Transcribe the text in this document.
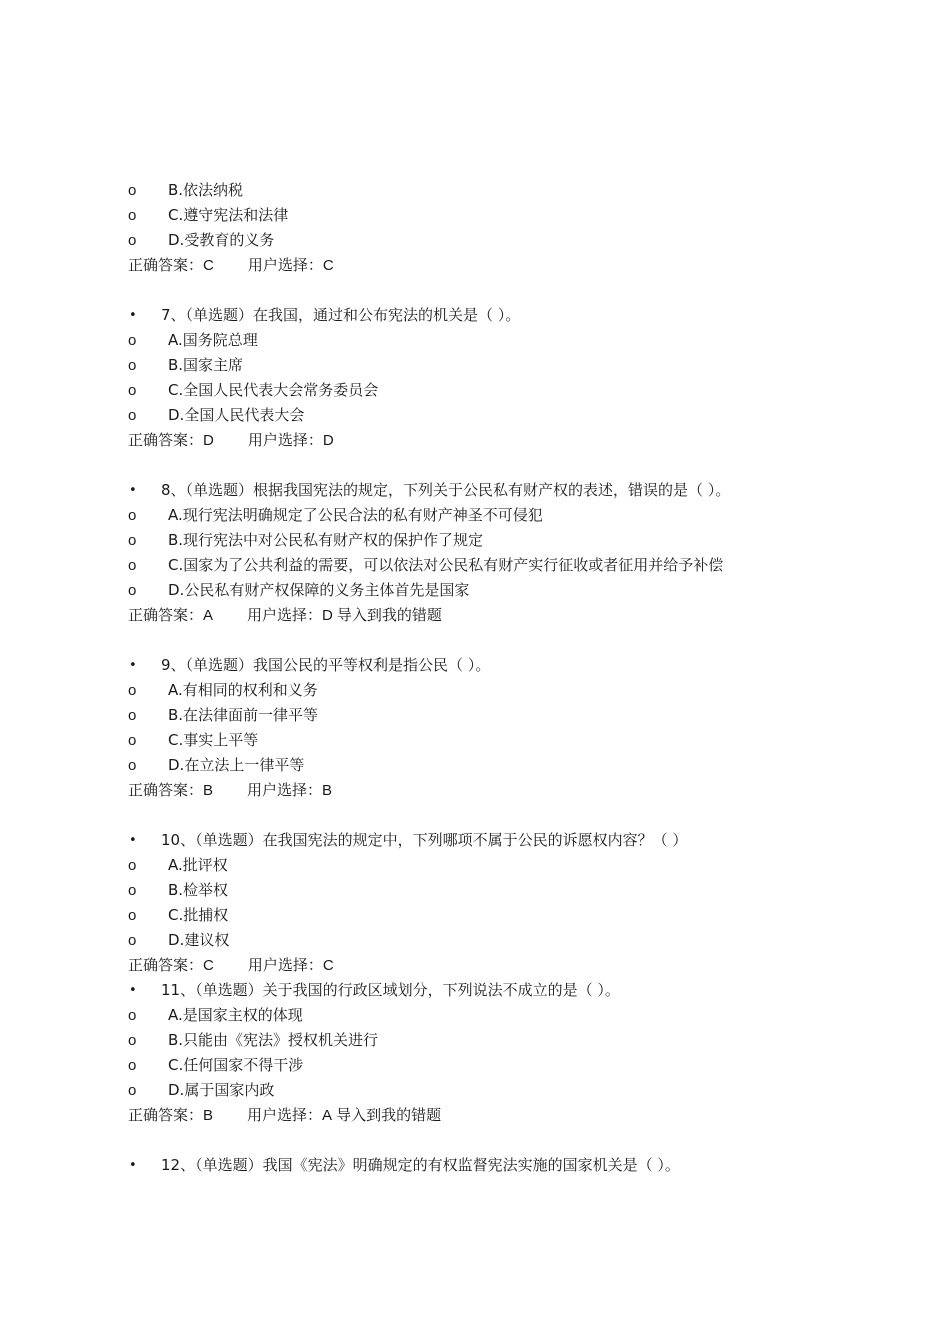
o B.依法纳税
o C.遵守宪法和法律
o D.受教育的义务
正确答案：C 用户选择：C
• 7、（单选题）在我国，通过和公布宪法的机关是（ ）。
o A.国务院总理
o B.国家主席
o C.全国人民代表大会常务委员会
o D.全国人民代表大会
正确答案：D 用户选择：D
• 8、（单选题）根据我国宪法的规定，下列关于公民私有财产权的表述，错误的是（ ）。
o A.现行宪法明确规定了公民合法的私有财产神圣不可侵犯
o B.现行宪法中对公民私有财产权的保护作了规定
o C.国家为了公共利益的需要，可以依法对公民私有财产实行征收或者征用并给予补偿
o D.公民私有财产权保障的义务主体首先是国家
正确答案：A 用户选择：D 导入到我的错题
• 9、（单选题）我国公民的平等权利是指公民（ ）。
o A.有相同的权利和义务
o B.在法律面前一律平等
o C.事实上平等
o D.在立法上一律平等
正确答案：B 用户选择：B
• 10、（单选题）在我国宪法的规定中，下列哪项不属于公民的诉愿权内容？（ ）
o A.批评权
o B.检举权
o C.批捕权
o D.建议权
正确答案：C 用户选择：C
• 11、（单选题）关于我国的行政区域划分，下列说法不成立的是（ ）。
o A.是国家主权的体现
o B.只能由《宪法》授权机关进行
o C.任何国家不得干涉
o D.属于国家内政
正确答案：B 用户选择：A 导入到我的错题
• 12、（单选题）我国《宪法》明确规定的有权监督宪法实施的国家机关是（ ）。
